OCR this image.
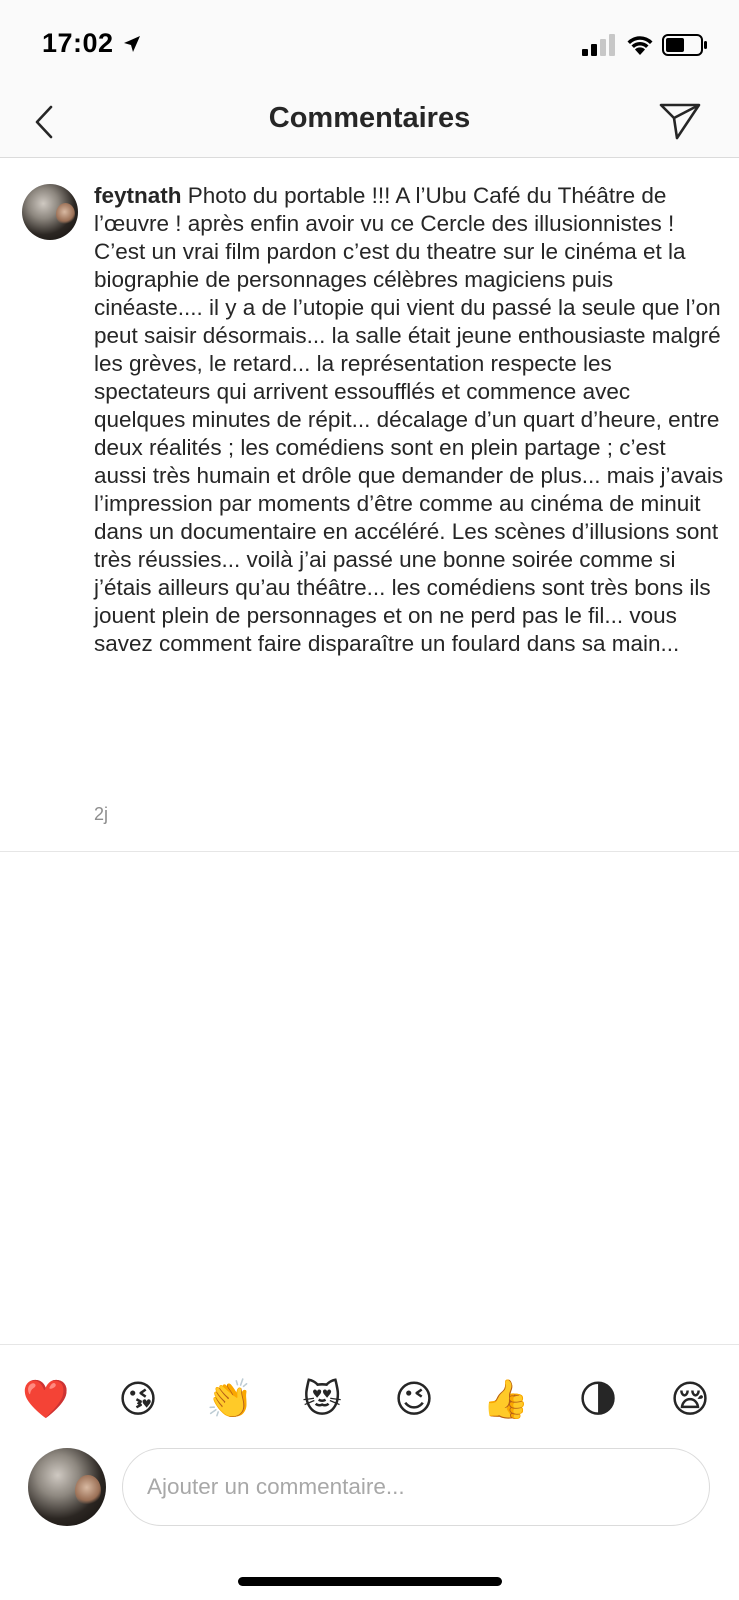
17:02
Commentaires
feytnath Photo du portable !!! A l’Ubu Café du Théâtre de l’œuvre ! après enfin avoir vu ce Cercle des illusionnistes ! C’est un vrai film pardon c’est du theatre sur le cinéma et la biographie de personnages célèbres magiciens puis cinéaste.... il y a de l’utopie qui vient du passé la seule que l’on peut saisir désormais... la salle était jeune enthousiaste malgré les grèves, le retard... la représentation respecte les spectateurs qui arrivent essoufflés et commence avec quelques minutes de répit... décalage d’un quart d’heure, entre deux réalités ; les comédiens sont en plein partage ; c’est aussi très humain et drôle que demander de plus... mais j’avais l’impression par moments d’être comme au cinéma de minuit dans un documentaire en accéléré. Les scènes d’illusions sont très réussies... voilà j’ai passé une bonne soirée comme si j’étais ailleurs qu’au théâtre... les comédiens sont très bons ils jouent plein de personnages et on ne perd pas le fil... vous savez comment faire disparaître un foulard dans sa main...
2j
❤️ 😘 👏 😻 😉 👍 🌗 😪
Ajouter un commentaire...
